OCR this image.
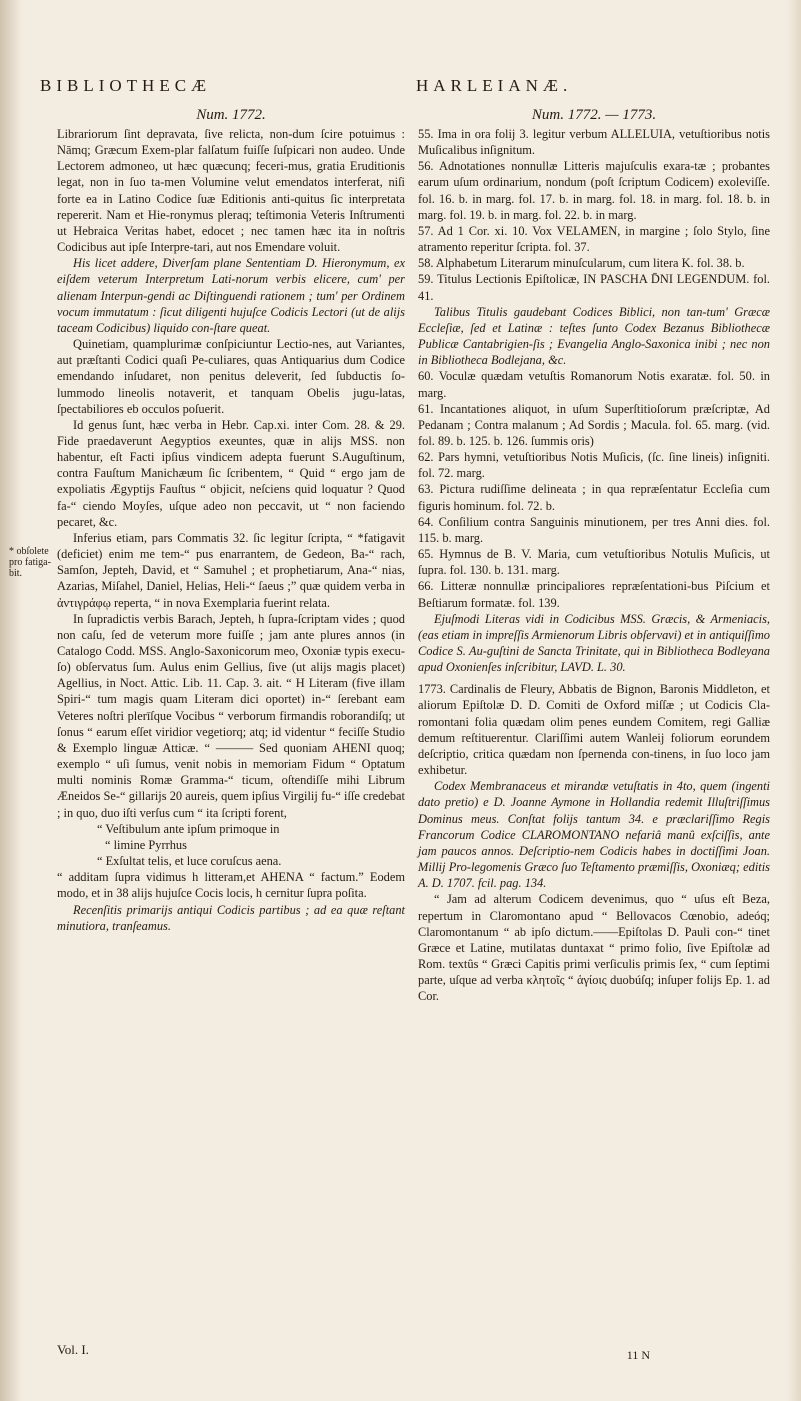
BIBLIOTHECÆ	HARLEIANÆ.
Num. 1772.

Librariorum ſint depravata, ſive relicta, non-dum ſcire potuimus : Nāmq; Græcum Exem-plar falſatum fuiſſe ſuſpicari non audeo. Unde Lectorem admoneo, ut hæc quæcunq; feceri-mus, gratia Eruditionis legat, non in ſuo ta-men Volumine velut emendatos interferat, niſi forte ea in Latino Codice ſuæ Editionis anti-quitus ſic interpretata repererit. Nam et Hie-ronymus pleraq; teſtimonia Veteris Inſtrumenti ut Hebraica Veritas habet, edocet ; nec tamen hæc ita in noſtris Codicibus aut ipſe Interpre-tari, aut nos Emendare voluit.

His licet addere, Diverſam plane Sententiam D. Hieronymum, ex eiſdem veterum Interpretum Lati-norum verbis elicere, cum' per alienam Interpun-gendi ac Diſtinguendi rationem ; tum' per Ordinem vocum immutatum : ſicut diligenti hujuſce Codicis Lectori (ut de alijs taceam Codicibus) liquido con-ſtare queat.

Quinetiam, quamplurimæ conſpiciuntur Lectio-nes, aut Variantes, aut præſtanti Codici quaſi Pe-culiares, quas Antiquarius dum Codice emendando inſudaret, non penitus deleverit, ſed ſubductis ſo-lummodo lineolis notaverit, et tanquam Obelis jugu-latas, ſpectabiliores eb occulos poſuerit.

Id genus ſunt, hæc verba in Hebr. Cap.xi. inter Com. 28. & 29. Fide praedaverunt Aegyptios exeuntes, quæ in alijs MSS. non habentur, eſt Facti ipſius vindicem adepta fuerunt S.Auguſtinum, contra Fauſtum Manichæum ſic ſcribentem, “ Quid “ ergo jam de expoliatis Ægyptijs Fauſtus “ objicit, neſciens quid loquatur ? Quod fa-“ ciendo Moyſes, uſque adeo non peccavit, ut “ non faciendo pecaret, &c.

* obſolete pro fatiga-bit.

Inferius etiam, pars Commatis 32. ſic legitur ſcripta, “ *fatigavit (deficiet) enim me tem-“ pus enarrantem, de Gedeon, Ba-“ rach, Samſon, Jepteh, David, et “ Samuhel ; et prophetiarum, Ana-“ nias, Azarias, Miſahel, Daniel, Helias, Heli-“ ſaeus ;” quæ quidem verba in ἀντιγράφῳ reperta, “ in nova Exemplaria fuerint relata.

In ſupradictis verbis Barach, Jepteh, h ſupra-ſcriptam vides ; quod non caſu, ſed de veterum more fuiſſe ; jam ante plures annos (in Catalogo Codd. MSS. Anglo-Saxonicorum meo, Oxoniæ typis execu-ſo) obſervatus ſum. Aulus enim Gellius, ſive (ut alijs magis placet) Agellius, in Noct. Attic. Lib. 11. Cap. 3. ait. “ H Literam (five illam Spiri-“ tum magis quam Literam dici oportet) in-“ ſerebant eam Veteres noſtri plerīſque Vocibus “ verborum firmandis roborandiſq; ut ſonus “ earum eſſet viridior vegetiorq; atq; id videntur “ feciſſe Studio & Exemplo linguæ Atticæ. “ ——— Sed quoniam AHENI quoq; exemplo “ uſi ſumus, venit nobis in memoriam Fidum “ Optatum multi nominis Romæ Gramma-“ ticum, oſtendiſſe mihi Librum Æneidos Se-“ gillarijs 20 aureis, quem ipſius Virgilij fu-“ iſſe credebat ; in quo, duo iſti verſus cum “ ita ſcripti forent,

“ Veſtibulum ante ipſum primoque in

“ limine Pyrrhus

“ Exſultat telis, et luce coruſcus aena.

“ additam ſupra vidimus h litteram,et AHENA “ factum.” Eodem modo, et in 38 alijs hujuſce Cocis locis, h cernitur ſupra poſita.

Recenſitis primarijs antiqui Codicis partibus ; ad ea quæ reſtant minutiora, tranſeamus.

Num. 1772. — 1773.

55. Ima in ora folij 3. legitur verbum ALLELUIA, vetuſtioribus notis Muſicalibus inſignitum.

56. Adnotationes nonnullæ Litteris majuſculis exara-tæ ; probantes earum uſum ordinarium, nondum (poſt ſcriptum Codicem) exoleviſſe. fol. 16. b. in marg. fol. 17. b. in marg. fol. 18. in marg. fol. 18. b. in marg. fol. 19. b. in marg. fol. 22. b. in marg.

57. Ad 1 Cor. xi. 10. Vox VELAMEN, in margine ; ſolo Stylo, ſine atramento reperitur ſcripta. fol. 37.

58. Alphabetum Literarum minuſcularum, cum litera K. fol. 38. b.

59. Titulus Lectionis Epiſtolicæ, IN PASCHA D̄NI LEGENDUM. fol. 41.

Talibus Titulis gaudebant Codices Biblici, non tan-tum' Græcæ Eccleſiæ, ſed et Latinæ : teſtes ſunto Codex Bezanus Bibliothecæ Publicæ Cantabrigien-ſis ; Evangelia Anglo-Saxonica inibi ; nec non in Bibliotheca Bodlejana, &c.

60. Voculæ quædam vetuſtis Romanorum Notis exaratæ. fol. 50. in marg.

61. Incantationes aliquot, in uſum Superſtitioſorum præſcriptæ, Ad Pedanam ; Contra malanum ; Ad Sordis ; Macula. fol. 65. marg. (vid. fol. 89. b. 125. b. 126. ſummis oris)

62. Pars hymni, vetuſtioribus Notis Muſicis, (ſc. ſine lineis) inſigniti. fol. 72. marg.

63. Pictura rudiſſime delineata ; in qua repræſentatur Eccleſia cum figuris hominum. fol. 72. b.

64. Conſilium contra Sanguinis minutionem, per tres Anni dies. fol. 115. b. marg.

65. Hymnus de B. V. Maria, cum vetuſtioribus Notulis Muſicis, ut ſupra. fol. 130. b. 131. marg.

66. Litteræ nonnullæ principaliores repræſentationi-bus Piſcium et Beſtiarum formatæ. fol. 139.

Ejuſmodi Literas vidi in Codicibus MSS. Græcis, & Armeniacis, (eas etiam in impreſſis Armienorum Libris obſervavi) et in antiquiſſimo Codice S. Au-guſtini de Sancta Trinitate, qui in Bibliotheca Bodleyana apud Oxonienſes inſcribitur, LAVD. L. 30.

1773. Cardinalis de Fleury, Abbatis de Bignon, Baronis Middleton, et aliorum Epiſtolæ D. D. Comiti de Oxford miſſæ ; ut Codicis Cla-romontani folia quædam olim penes eundem Comitem, regi Galliæ demum reſtituerentur. Clariſſimi autem Wanleij foliorum eorundem deſcriptio, critica quædam non ſpernenda con-tinens, in ſuo loco jam exhibetur.

Codex Membranaceus et mirandæ vetuſtatis in 4to, quem (ingenti dato pretio) e D. Joanne Aymone in Hollandia redemit Illuſtriſſimus Dominus meus. Conſtat folijs tantum 34. e præclariſſimo Regis Francorum Codice CLAROMONTANO nefariâ manû exſciſſis, ante jam paucos annos. Deſcriptio-nem Codicis habes in doctiſſimi Joan. Millij Pro-legomenis Græco ſuo Teſtamento præmiſſis, Oxoniæq; editis A. D. 1707. fcil. pag. 134.

“ Jam ad alterum Codicem devenimus, quo “ uſus eſt Beza, repertum in Claromontano apud “ Bellovacos Cœnobio, adeóq; Claromontanum “ ab ipſo dictum.——Epiſtolas D. Pauli con-“ tinet Græce et Latine, mutilatas duntaxat “ primo folio, ſive Epiſtolæ ad Rom. textûs “ Græci Capitis primi verſiculis primis ſex, “ cum ſeptimi parte, uſque ad verba κλητοῖς “ ἁγίοις duobúſq; inſuper folijs Ep. 1. ad Cor.

Vol. I.	11 N
